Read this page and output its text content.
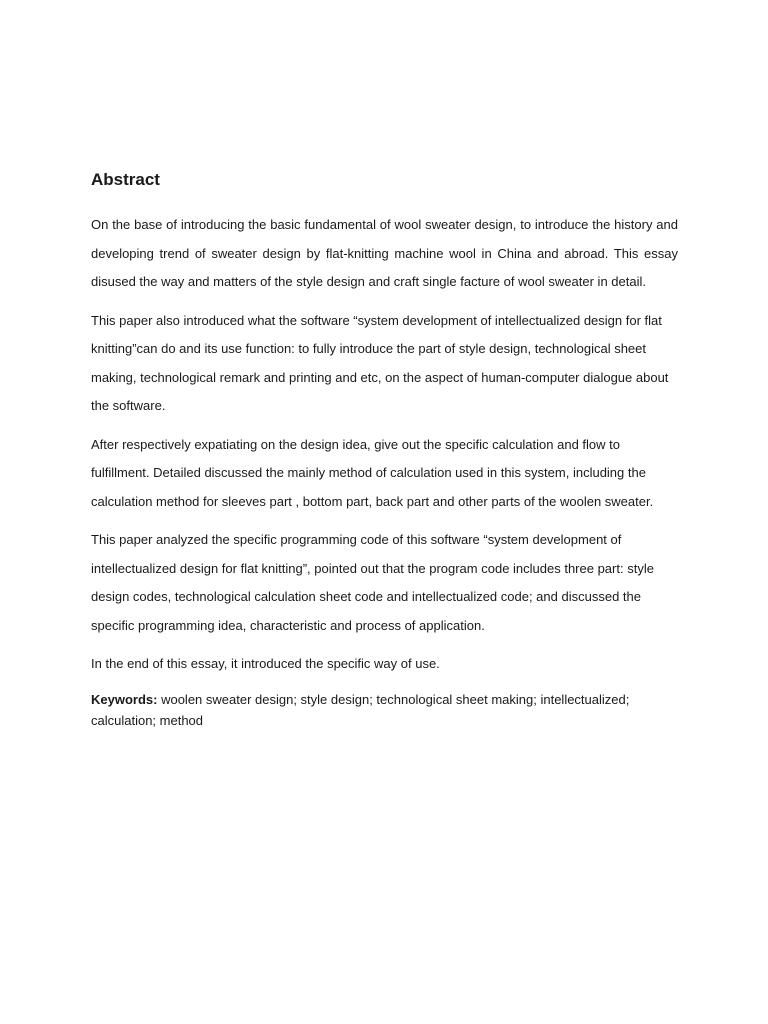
Abstract

On the base of introducing the basic fundamental of wool sweater design, to introduce the history and developing trend of sweater design by flat-knitting machine wool in China and abroad. This essay disused the way and matters of the style design and craft single facture of wool sweater in detail.

This paper also introduced what the software “system development of intellectualized design for flat knitting”can do and its use function: to fully introduce the part of style design, technological sheet making, technological remark and printing and etc, on the aspect of human-computer dialogue about the software.

After respectively expatiating on the design idea, give out the specific calculation and flow to fulfillment. Detailed discussed the mainly method of calculation used in this system, including the calculation method for sleeves part , bottom part, back part and other parts of the woolen sweater.

This paper analyzed the specific programming code of this software “system development of intellectualized design for flat knitting”, pointed out that the program code includes three part: style design codes, technological calculation sheet code and intellectualized code; and discussed the specific programming idea, characteristic and process of application.

In the end of this essay, it introduced the specific way of use.

Keywords: woolen sweater design; style design; technological sheet making; intellectualized; calculation; method
